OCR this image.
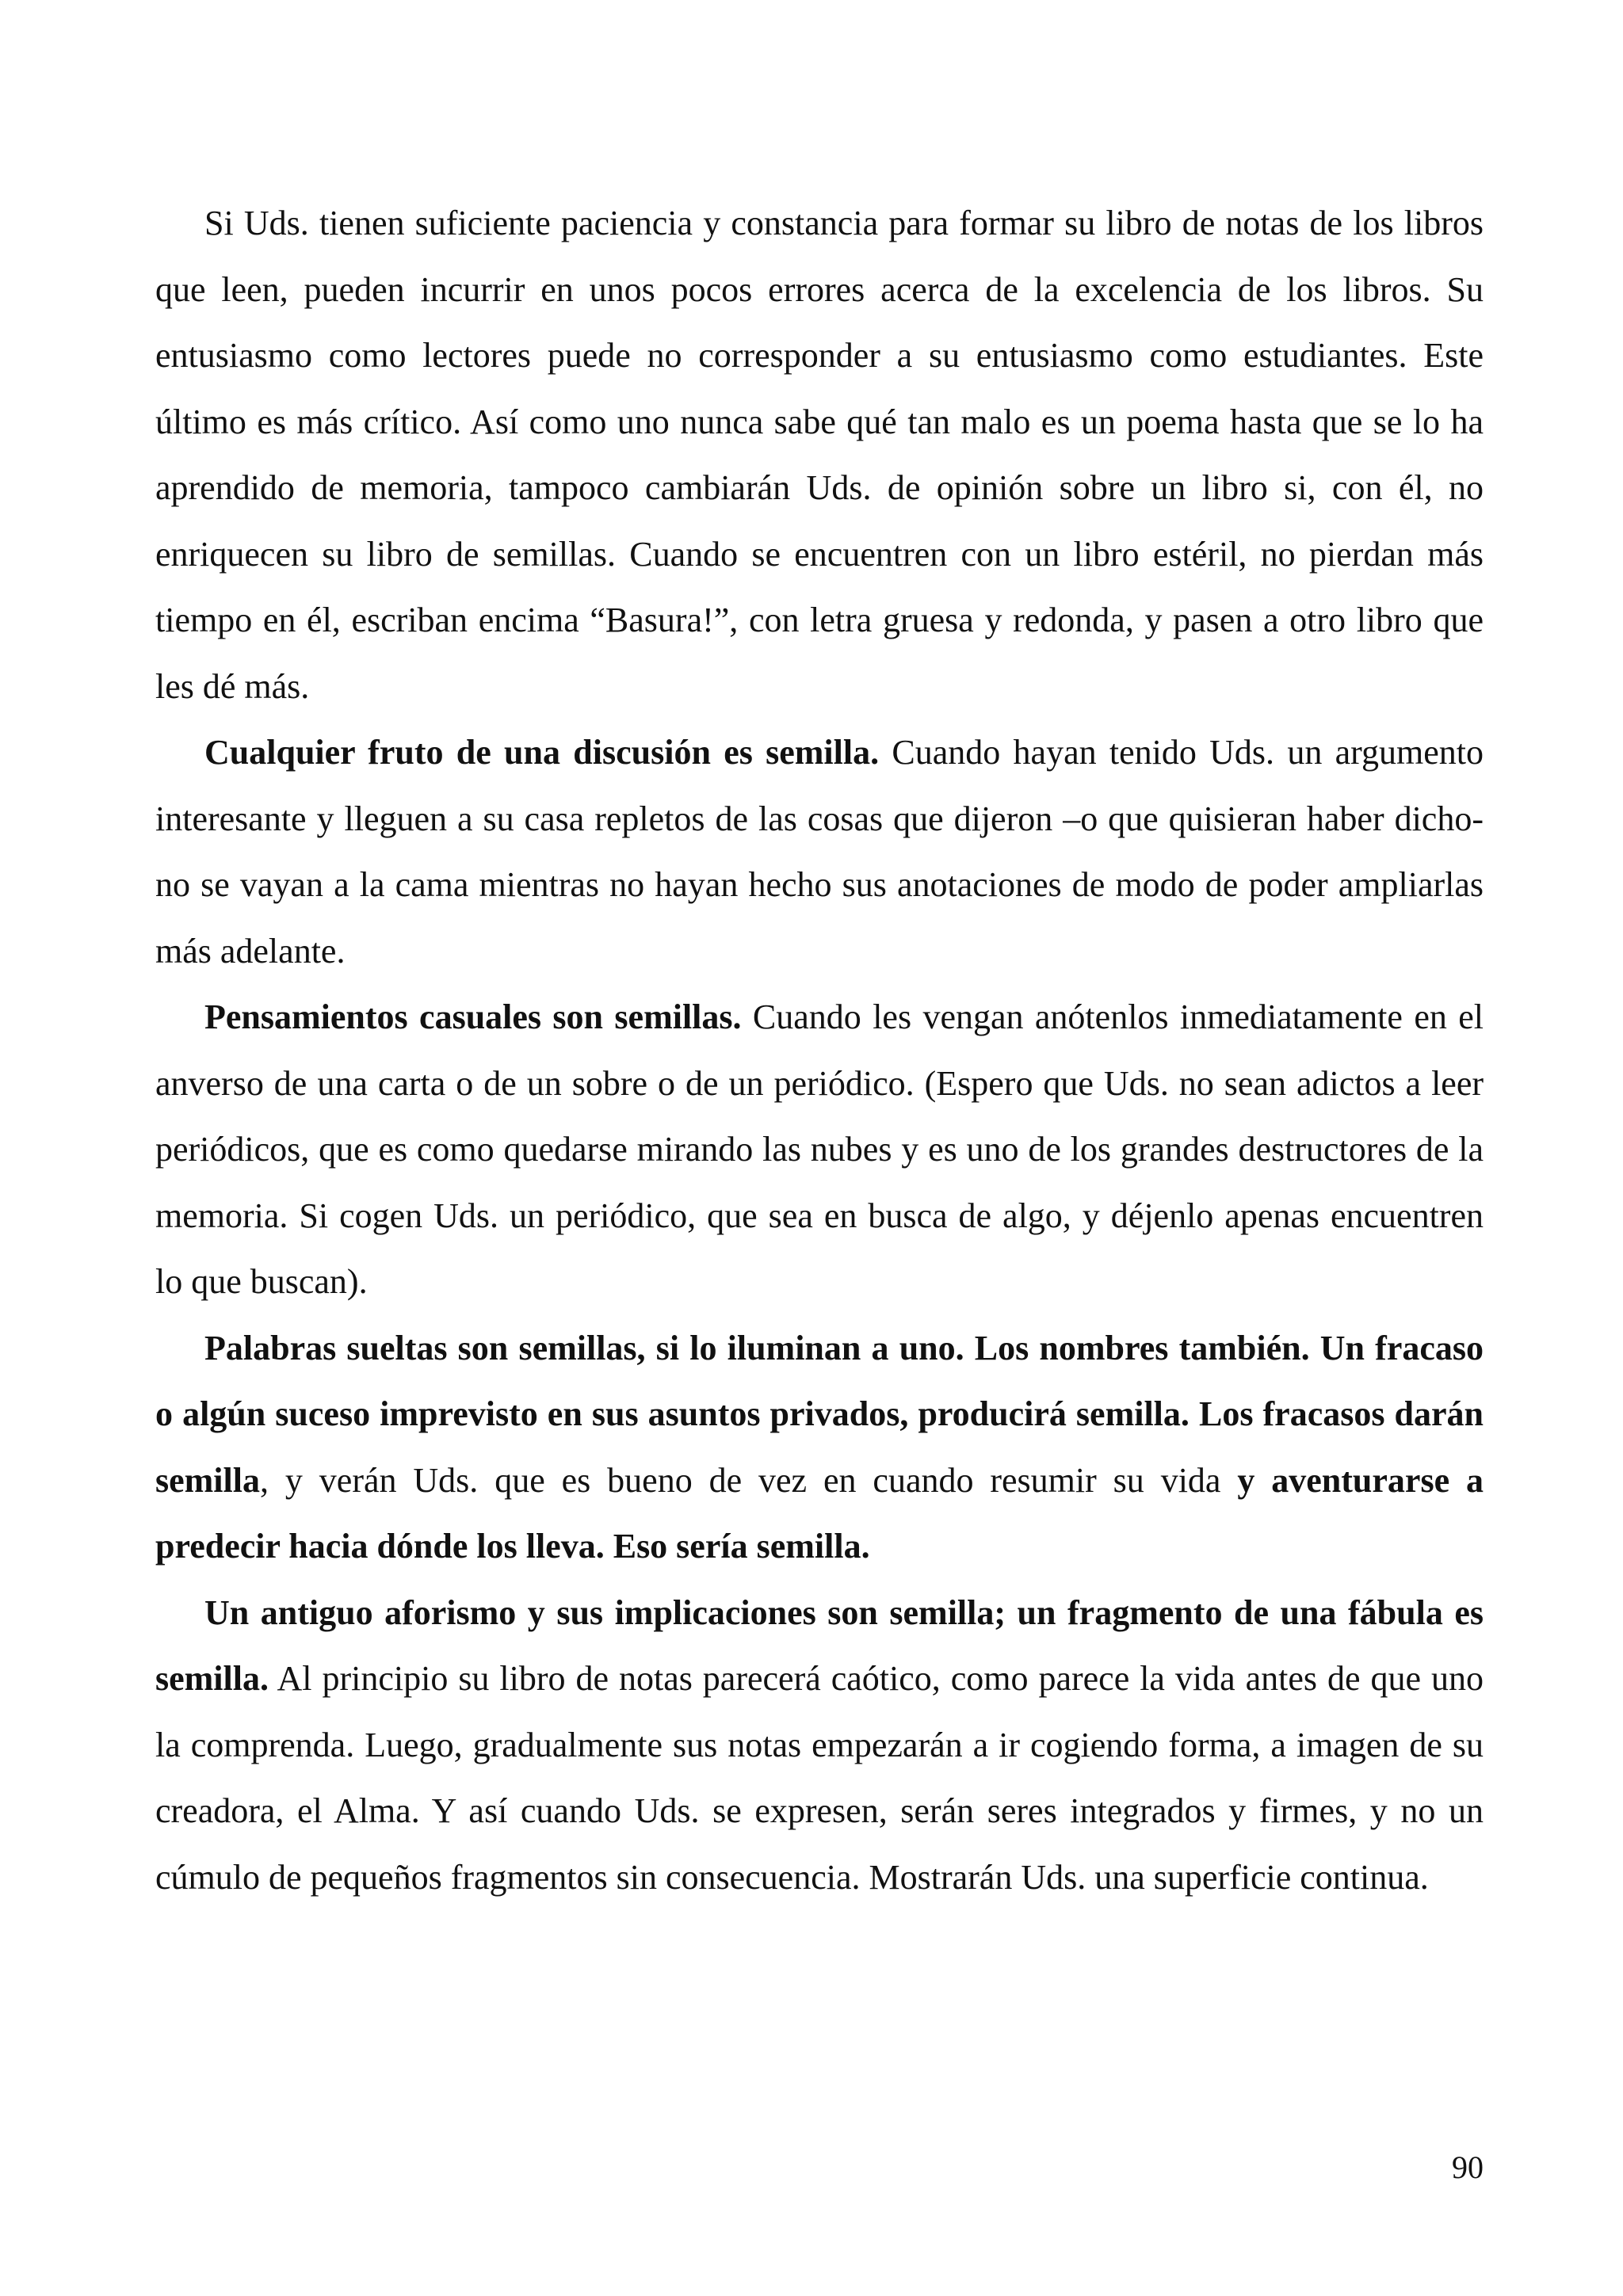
Si Uds. tienen suficiente paciencia y constancia para formar su libro de notas de los libros que leen, pueden incurrir en unos pocos errores acerca de la excelencia de los libros. Su entusiasmo como lectores puede no corresponder a su entusiasmo como estudiantes. Este último es más crítico. Así como uno nunca sabe qué tan malo es un poema hasta que se lo ha aprendido de memoria, tampoco cambiarán Uds. de opinión sobre un libro si, con él, no enriquecen su libro de semillas. Cuando se encuentren con un libro estéril, no pierdan más tiempo en él, escriban encima “Basura!”, con letra gruesa y redonda, y pasen a otro libro que les dé más.

Cualquier fruto de una discusión es semilla. Cuando hayan tenido Uds. un argumento interesante y lleguen a su casa repletos de las cosas que dijeron –o que quisieran haber dicho- no se vayan a la cama mientras no hayan hecho sus anotaciones de modo de poder ampliarlas más adelante.

Pensamientos casuales son semillas. Cuando les vengan anótenlos inmediatamente en el anverso de una carta o de un sobre o de un periódico. (Espero que Uds. no sean adictos a leer periódicos, que es como quedarse mirando las nubes y es uno de los grandes destructores de la memoria. Si cogen Uds. un periódico, que sea en busca de algo, y déjenlo apenas encuentren lo que buscan).

Palabras sueltas son semillas, si lo iluminan a uno. Los nombres también. Un fracaso o algún suceso imprevisto en sus asuntos privados, producirá semilla. Los fracasos darán semilla, y verán Uds. que es bueno de vez en cuando resumir su vida y aventurarse a predecir hacia dónde los lleva. Eso sería semilla.

Un antiguo aforismo y sus implicaciones son semilla; un fragmento de una fábula es semilla. Al principio su libro de notas parecerá caótico, como parece la vida antes de que uno la comprenda. Luego, gradualmente sus notas empezarán a ir cogiendo forma, a imagen de su creadora, el Alma. Y así cuando Uds. se expresen, serán seres integrados y firmes, y no un cúmulo de pequeños fragmentos sin consecuencia. Mostrarán Uds. una superficie continua.

90
